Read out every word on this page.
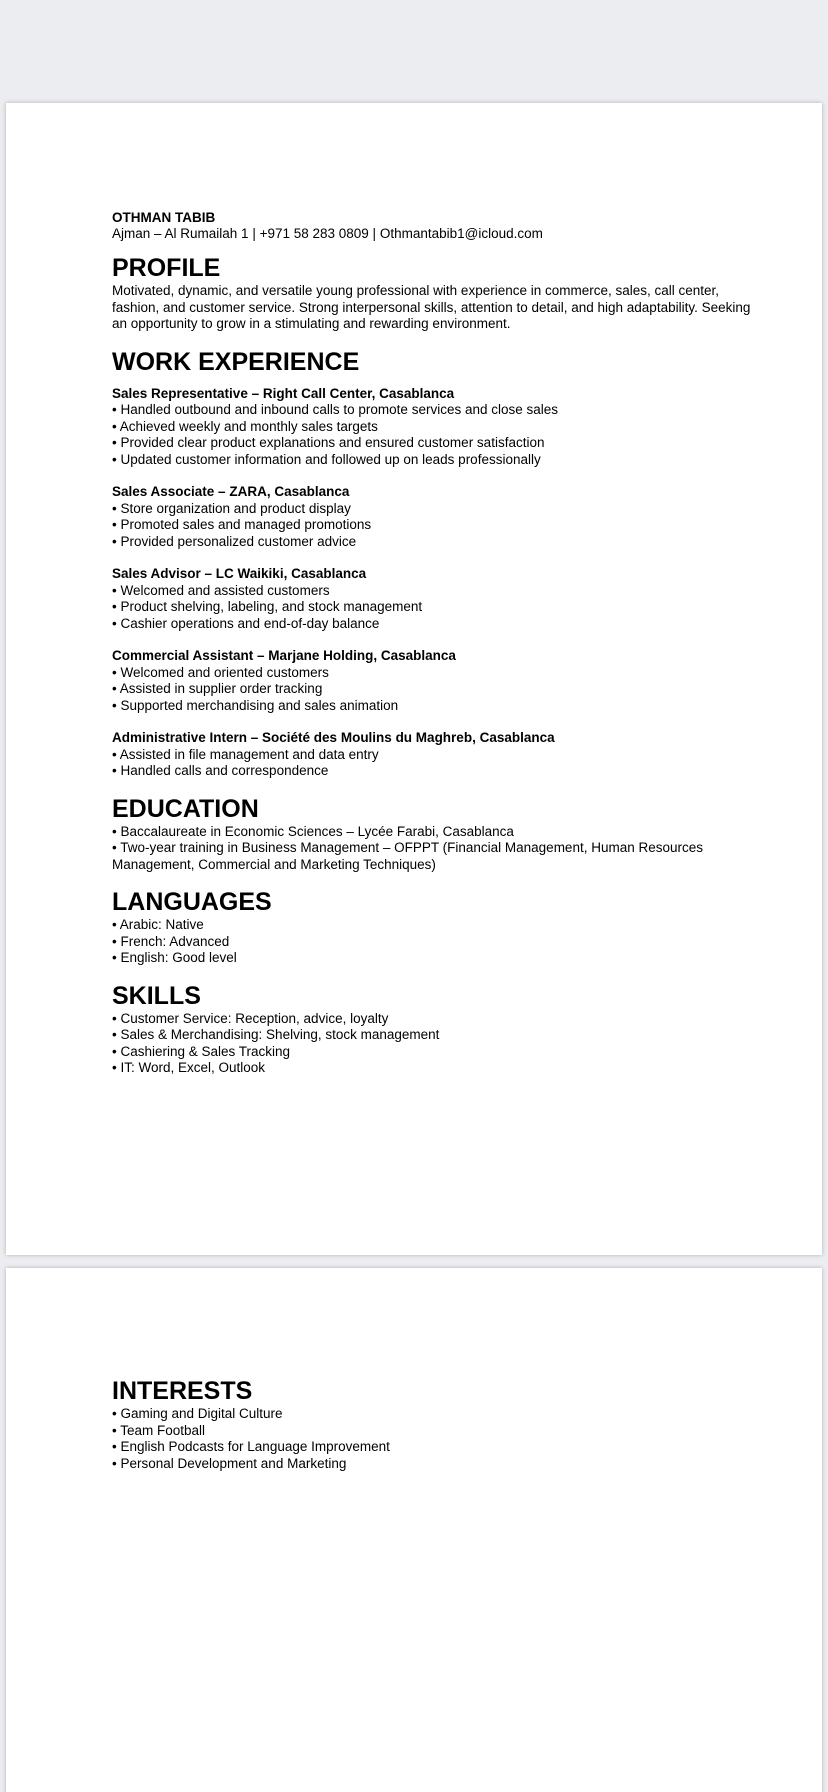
OTHMAN TABIB
Ajman – Al Rumailah 1 | +971 58 283 0809 | Othmantabib1@icloud.com
PROFILE

Motivated, dynamic, and versatile young professional with experience in commerce, sales, call center, fashion, and customer service. Strong interpersonal skills, attention to detail, and high adaptability. Seeking an opportunity to grow in a stimulating and rewarding environment.

WORK EXPERIENCE
Sales Representative – Right Call Center, Casablanca
• Handled outbound and inbound calls to promote services and close sales
• Achieved weekly and monthly sales targets
• Provided clear product explanations and ensured customer satisfaction
• Updated customer information and followed up on leads professionally
Sales Associate – ZARA, Casablanca
• Store organization and product display
• Promoted sales and managed promotions
• Provided personalized customer advice
Sales Advisor – LC Waikiki, Casablanca
• Welcomed and assisted customers
• Product shelving, labeling, and stock management
• Cashier operations and end-of-day balance
Commercial Assistant – Marjane Holding, Casablanca
• Welcomed and oriented customers
• Assisted in supplier order tracking
• Supported merchandising and sales animation
Administrative Intern – Société des Moulins du Maghreb, Casablanca
• Assisted in file management and data entry
• Handled calls and correspondence
EDUCATION
• Baccalaureate in Economic Sciences – Lycée Farabi, Casablanca
• Two-year training in Business Management – OFPPT (Financial Management, Human Resources Management, Commercial and Marketing Techniques)
LANGUAGES
• Arabic: Native
• French: Advanced
• English: Good level
SKILLS
• Customer Service: Reception, advice, loyalty
• Sales & Merchandising: Shelving, stock management
• Cashiering & Sales Tracking
• IT: Word, Excel, Outlook
INTERESTS
• Gaming and Digital Culture
• Team Football
• English Podcasts for Language Improvement
• Personal Development and Marketing
